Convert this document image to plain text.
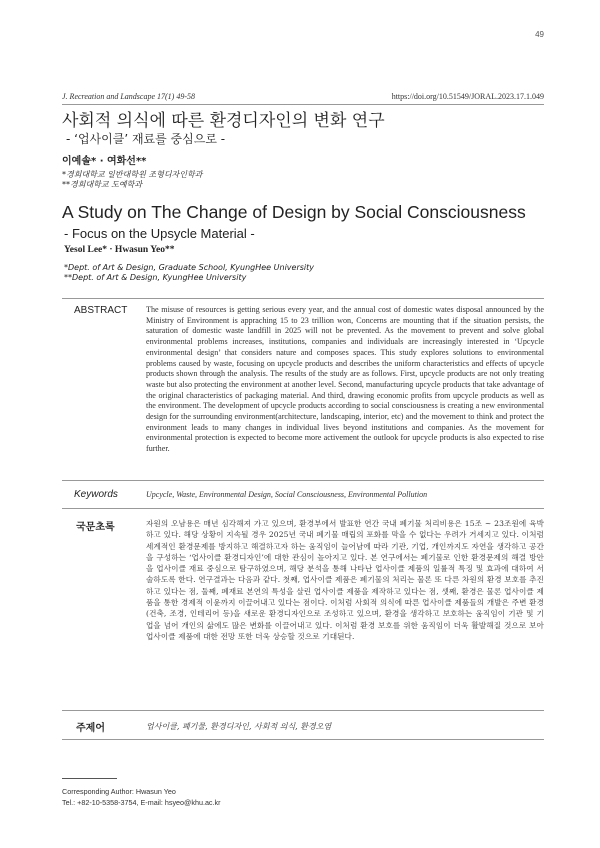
49
J. Recreation and Landscape 17(1) 49-58	https://doi.org/10.51549/JORAL.2023.17.1.049
사회적 의식에 따른 환경디자인의 변화 연구
- ‘업사이클’ 재료를 중심으로 -
이예솔* · 여화선**
*경희대학교 일반대학원 조형디자인학과
**경희대학교 도예학과
A Study on The Change of Design by Social Consciousness
- Focus on the Upsycle Material -
Yesol Lee* · Hwasun Yeo**
*Dept. of Art & Design, Graduate School, KyungHee University
**Dept. of Art & Design, KyungHee University
ABSTRACT The misuse of resources is getting serious every year, and the annual cost of domestic wates disposal announced by the Ministry of Environment is appraching 15 to 23 trillion won, Concerns are mounting that if the situation persists, the saturation of domestic waste landfill in 2025 will not be prevented. As the movement to prevent and solve global environmental problems increases, institutions, companies and individuals are increasingly interested in ‘Upcycle environmental design’ that considers nature and composes spaces. This study explores solutions to environmental problems caused by waste, focusing on upcycle products and describes the uniform characteristics and effects of upcycle products shown through the analysis. The results of the study are as follows. First, upcycle products are not only treating waste but also protecting the environment at another level. Second, manufacturing upcycle products that take advantage of the original characteristics of packaging material. And third, drawing economic profits from upcycle products as well as the environment. The development of upcycle products according to social consciousness is creating a new environmental design for the surrounding environment(architecture, landscaping, interior, etc) and the movement to think and protect the environment leads to many changes in individual lives beyond institutions and companies. As the movement for environmental protection is expected to become more activement the outlook for upcycle products is also expected to rise further.
Keywords	Upcycle, Waste, Environmental Design, Social Consciousness, Environmental Pollution
국문초록	자원의 오남용은 매년 심각해져 가고 있으며, 환경부에서 발표한 연간 국내 폐기물 처리비용은 15조 ~ 23조원에 육박하고 있다. 해당 상황이 지속될 경우 2025년 국내 폐기물 매립의 포화를 막을 수 없다는 우려가 거세지고 있다. 이처럼 세계적인 환경문제를 방지하고 해결하고자 하는 움직임이 늘어남에 따라 기관, 기업, 개인까지도 자연을 생각하고 공간을 구성하는 ‘업사이클 환경디자인’에 대한 관심이 높아지고 있다. 본 연구에서는 폐기물로 인한 환경문제의 해결 방안을 업사이클 재료 중심으로 탐구하였으며, 해당 분석을 통해 나타난 업사이클 제품의 일률적 특징 및 효과에 대하여 서술하도록 한다. 연구결과는 다음과 같다. 첫째, 업사이클 제품은 폐기물의 처리는 물론 또 다른 차원의 환경 보호를 추진하고 있다는 점, 둘째, 폐재료 본연의 특성을 살린 업사이클 제품을 제작하고 있다는 점, 셋째, 환경은 물론 업사이클 제품을 통한 경제적 이윤까지 이끌어내고 있다는 점이다. 이처럼 사회적 의식에 따른 업사이클 제품들의 개발은 주변 환경(건축, 조경, 인테리어 등)을 새로운 환경디자인으로 조성하고 있으며, 환경을 생각하고 보호하는 움직임이 기관 및 기업을 넘어 개인의 삶에도 많은 변화를 이끌어내고 있다. 이처럼 환경 보호를 위한 움직임이 더욱 활발해질 것으로 보아 업사이클 제품에 대한 전망 또한 더욱 상승할 것으로 기대된다.
주제어	업사이클, 폐기물, 환경디자인, 사회적 의식, 환경오염
Corresponding Author: Hwasun Yeo
Tel.: +82-10-5358-3754, E-mail: hsyeo@khu.ac.kr
